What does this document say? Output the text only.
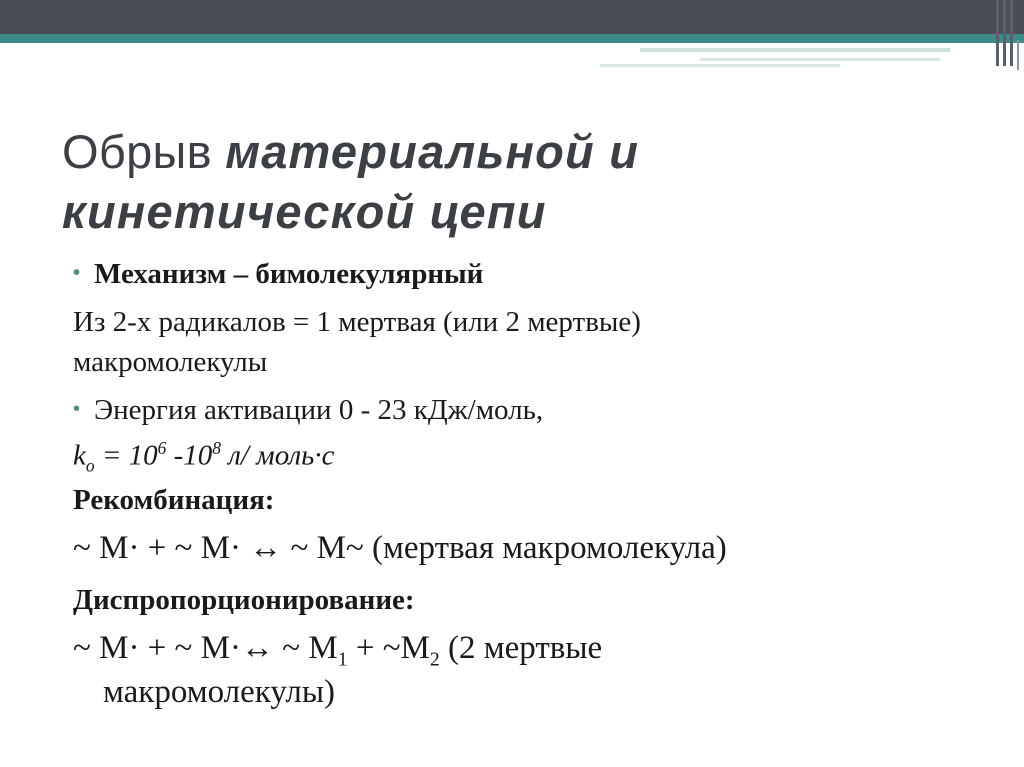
Обрыв материальной и
кинетической цепи
• Механизм – бимолекулярный
Из 2-х радикалов = 1 мертвая (или 2 мертвые)
макромолекулы
• Энергия активации 0 - 23 кДж/моль,
$k_o = 10^6$ $-10^8$ л/ моль·с
Рекомбинация:
~ M· + ~ M· ↔ ~ M~ (мертвая макромолекула)
Диспропорционирование:
~ M· + ~ M·↔ ~ $M_1$ + $\sim M_2$ (2 мертвые
макромолекулы)
